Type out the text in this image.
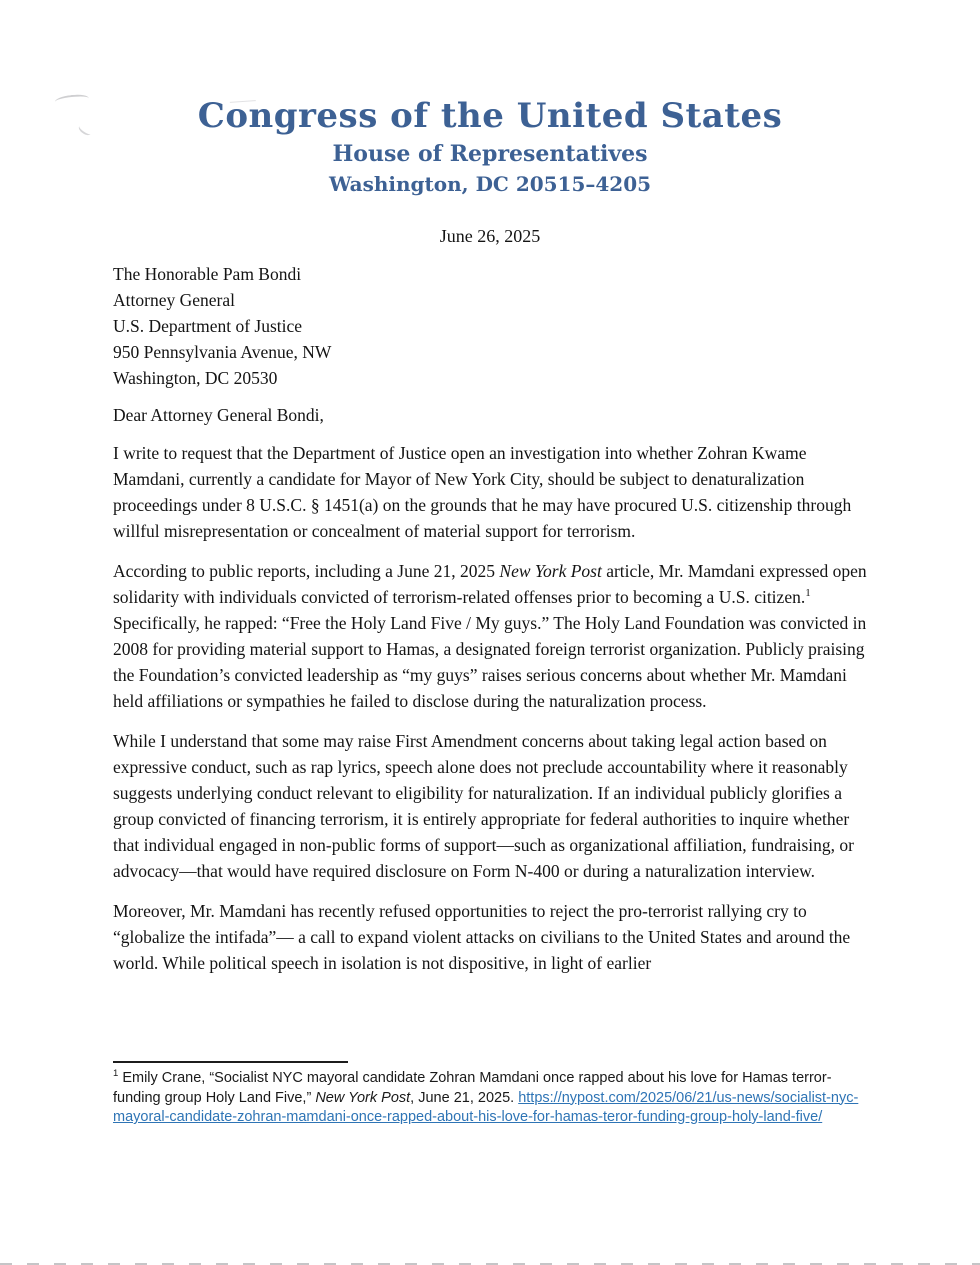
Congress of the United States
House of Representatives
Washington, DC 20515–4205
June 26, 2025
The Honorable Pam Bondi
Attorney General
U.S. Department of Justice
950 Pennsylvania Avenue, NW
Washington, DC 20530
Dear Attorney General Bondi,

I write to request that the Department of Justice open an investigation into whether Zohran Kwame Mamdani, currently a candidate for Mayor of New York City, should be subject to denaturalization proceedings under 8 U.S.C. § 1451(a) on the grounds that he may have procured U.S. citizenship through willful misrepresentation or concealment of material support for terrorism.

According to public reports, including a June 21, 2025 New York Post article, Mr. Mamdani expressed open solidarity with individuals convicted of terrorism-related offenses prior to becoming a U.S. citizen.$^1$ Specifically, he rapped: “Free the Holy Land Five / My guys.” The Holy Land Foundation was convicted in 2008 for providing material support to Hamas, a designated foreign terrorist organization. Publicly praising the Foundation’s convicted leadership as “my guys” raises serious concerns about whether Mr. Mamdani held affiliations or sympathies he failed to disclose during the naturalization process.

While I understand that some may raise First Amendment concerns about taking legal action based on expressive conduct, such as rap lyrics, speech alone does not preclude accountability where it reasonably suggests underlying conduct relevant to eligibility for naturalization. If an individual publicly glorifies a group convicted of financing terrorism, it is entirely appropriate for federal authorities to inquire whether that individual engaged in non-public forms of support—such as organizational affiliation, fundraising, or advocacy—that would have required disclosure on Form N-400 or during a naturalization interview.

Moreover, Mr. Mamdani has recently refused opportunities to reject the pro-terrorist rallying cry to “globalize the intifada”— a call to expand violent attacks on civilians to the United States and around the world. While political speech in isolation is not dispositive, in light of earlier

$^1$ Emily Crane, “Socialist NYC mayoral candidate Zohran Mamdani once rapped about his love for Hamas terror-funding group Holy Land Five,” New York Post, June 21, 2025. https://nypost.com/2025/06/21/us-news/socialist-nyc-mayoral-candidate-zohran-mamdani-once-rapped-about-his-love-for-hamas-teror-funding-group-holy-land-five/
